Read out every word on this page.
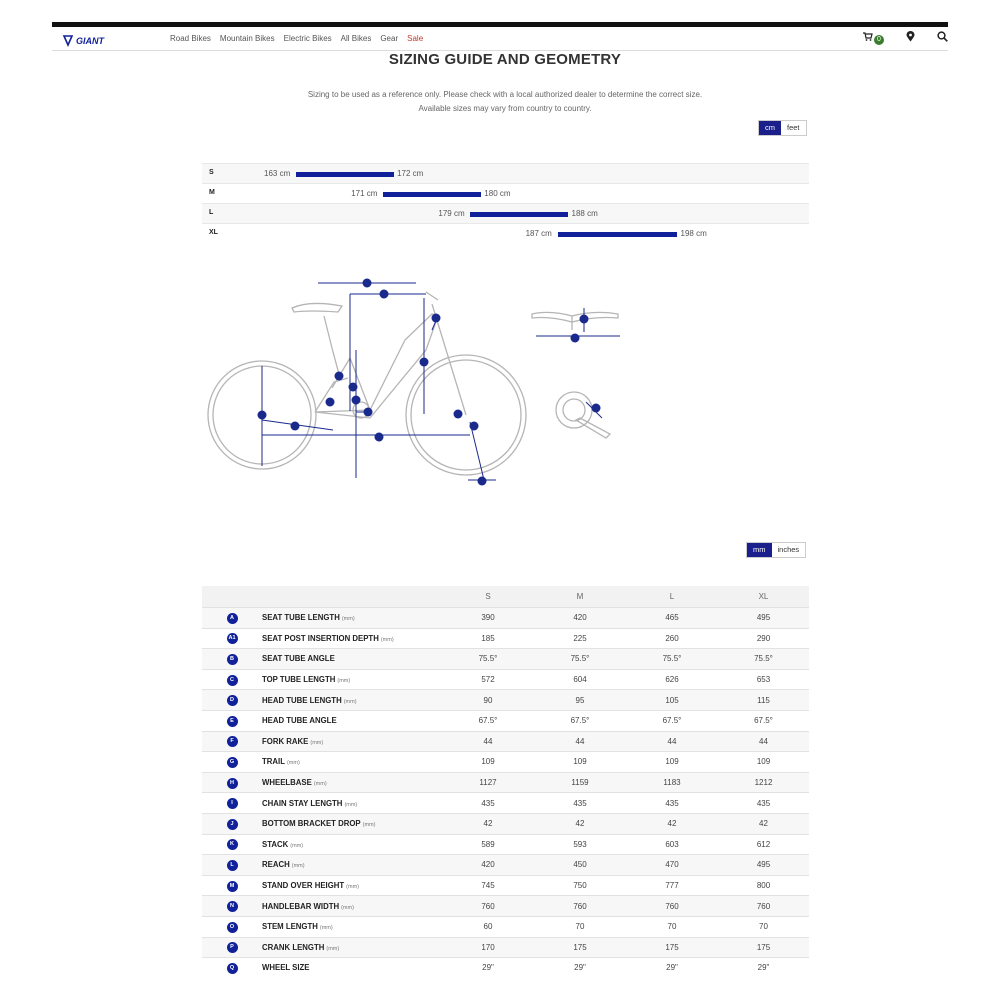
GIANT	Road Bikes Mountain Bikes Electric Bikes All Bikes Gear Sale	0
SIZING GUIDE AND GEOMETRY
Sizing to be used as a reference only. Please check with a local authorized dealer to determine the correct size.
Available sizes may vary from country to country.
cm	feet
S	163 cm	172 cm
M	171 cm	180 cm
L	179 cm	188 cm
XL	187 cm	198 cm
mm	inches
		S	M	L	XL
A	SEAT TUBE LENGTH (mm)	390	420	465	495
A1	SEAT POST INSERTION DEPTH (mm)	185	225	260	290
B	SEAT TUBE ANGLE	75.5°	75.5°	75.5°	75.5°
C	TOP TUBE LENGTH (mm)	572	604	626	653
D	HEAD TUBE LENGTH (mm)	90	95	105	115
E	HEAD TUBE ANGLE	67.5°	67.5°	67.5°	67.5°
F	FORK RAKE (mm)	44	44	44	44
G	TRAIL (mm)	109	109	109	109
H	WHEELBASE (mm)	1127	1159	1183	1212
I	CHAIN STAY LENGTH (mm)	435	435	435	435
J	BOTTOM BRACKET DROP (mm)	42	42	42	42
K	STACK (mm)	589	593	603	612
L	REACH (mm)	420	450	470	495
M	STAND OVER HEIGHT (mm)	745	750	777	800
N	HANDLEBAR WIDTH (mm)	760	760	760	760
O	STEM LENGTH (mm)	60	70	70	70
P	CRANK LENGTH (mm)	170	175	175	175
Q	WHEEL SIZE	29"	29"	29"	29"
